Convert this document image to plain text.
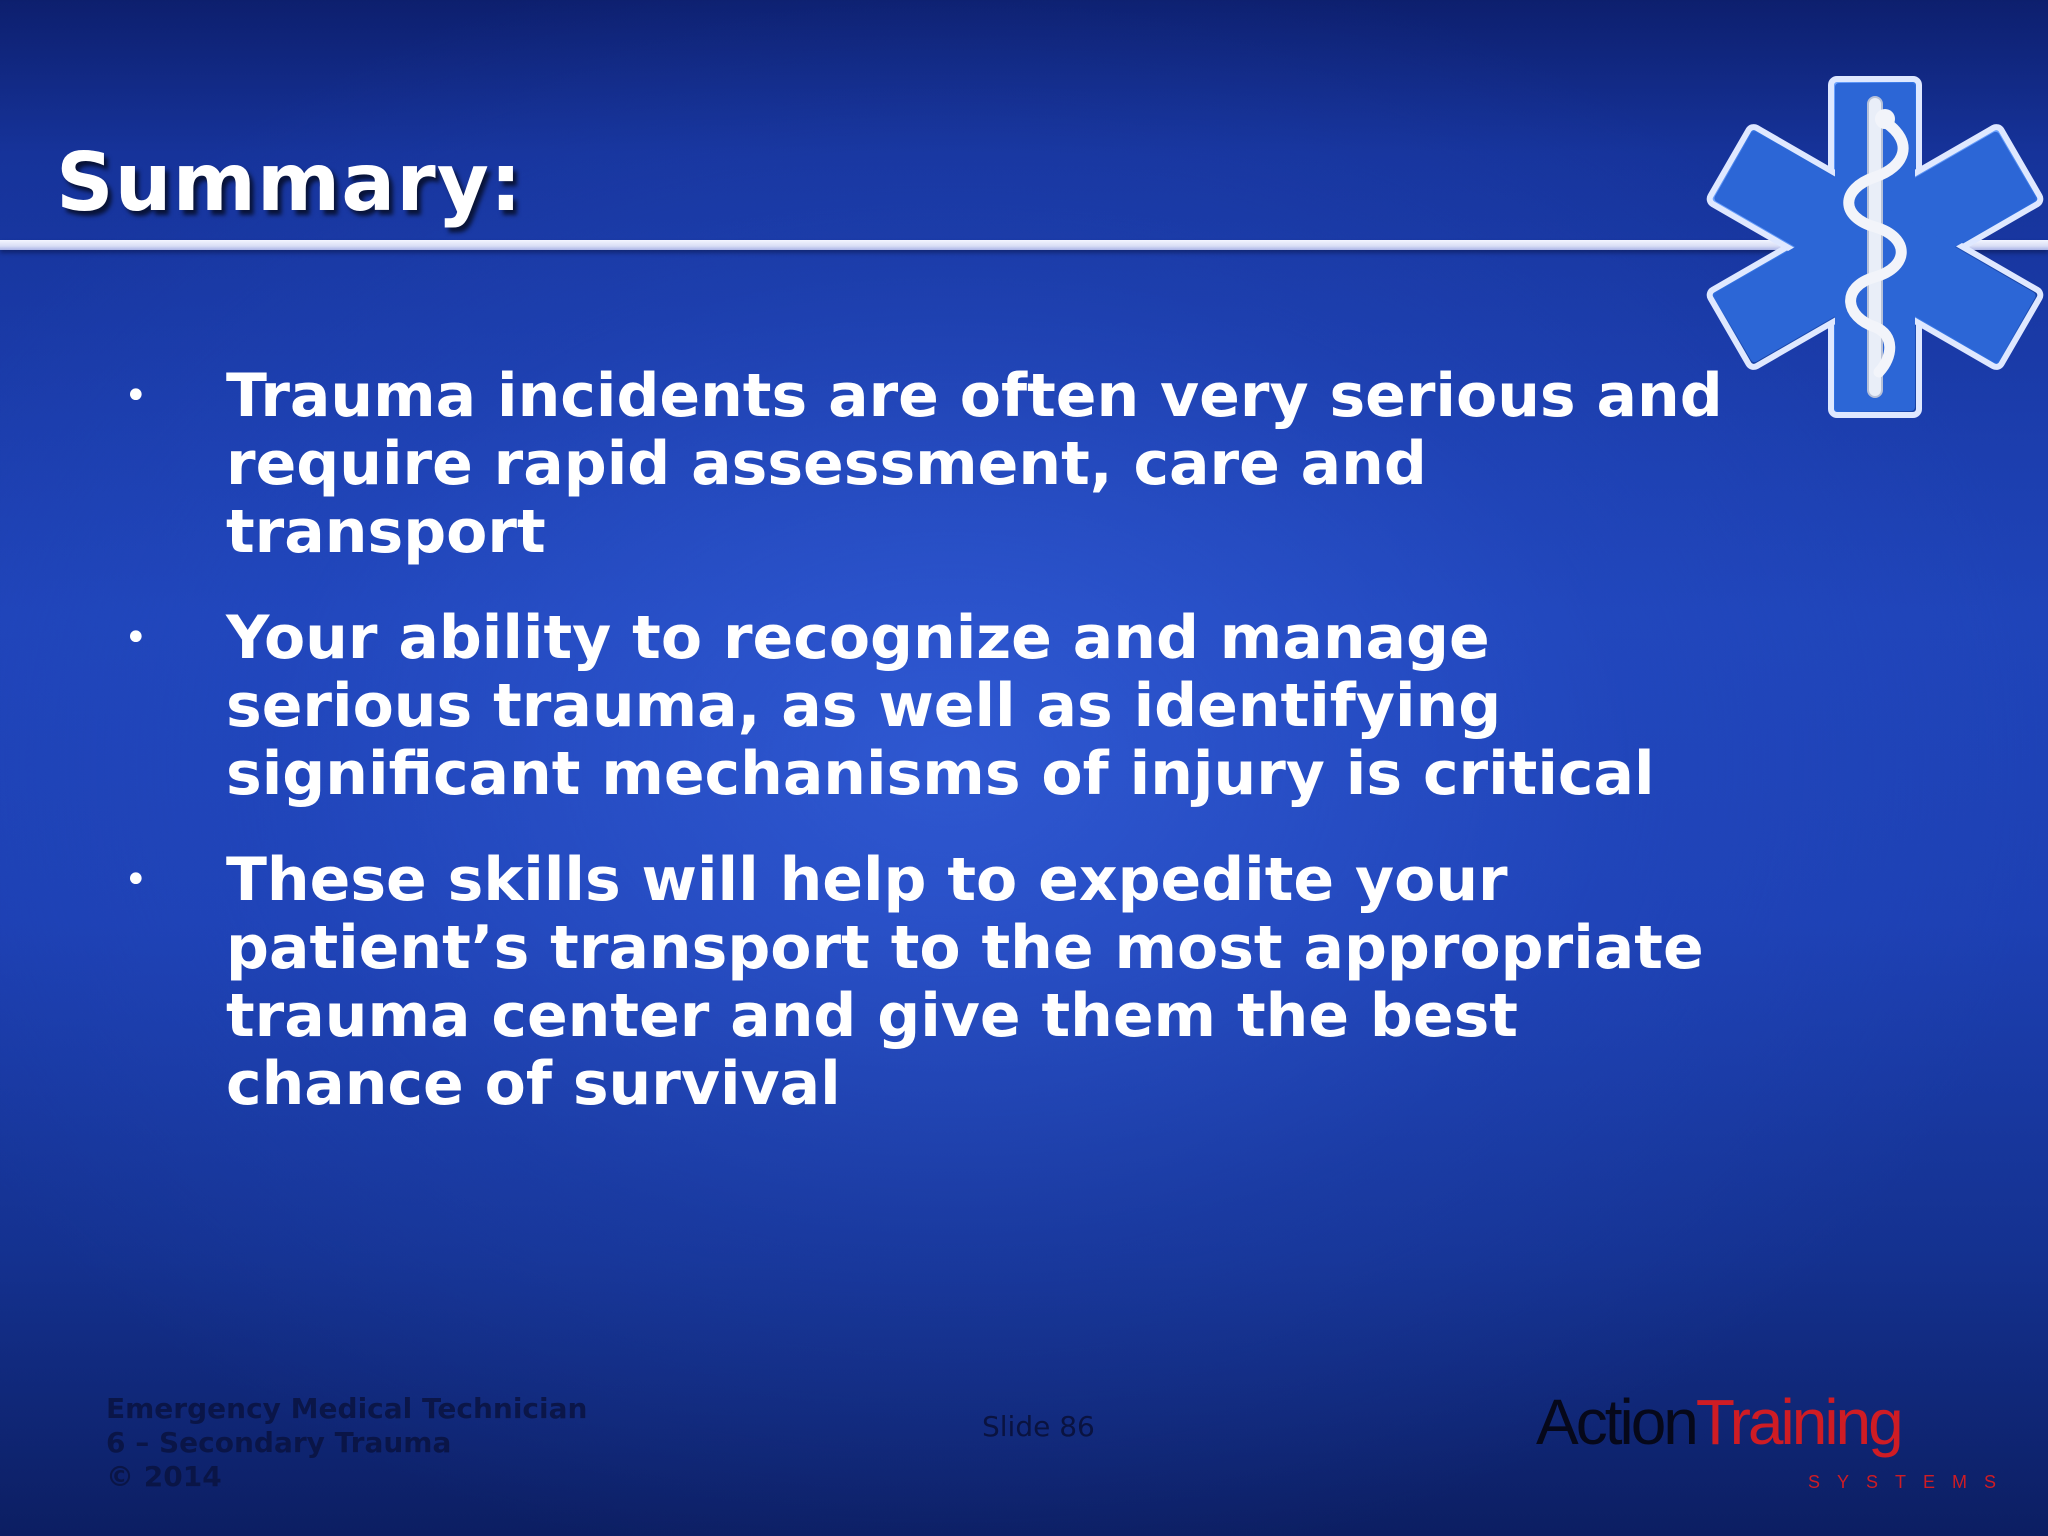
Summary:
• Trauma incidents are often very serious and require rapid assessment, care and transport
• Your ability to recognize and manage serious trauma, as well as identifying significant mechanisms of injury is critical
• These skills will help to expedite your patient’s transport to the most appropriate trauma center and give them the best chance of survival
Emergency Medical Technician
6 – Secondary Trauma
© 2014
Slide 86	ActionTraining
SYSTEMS
